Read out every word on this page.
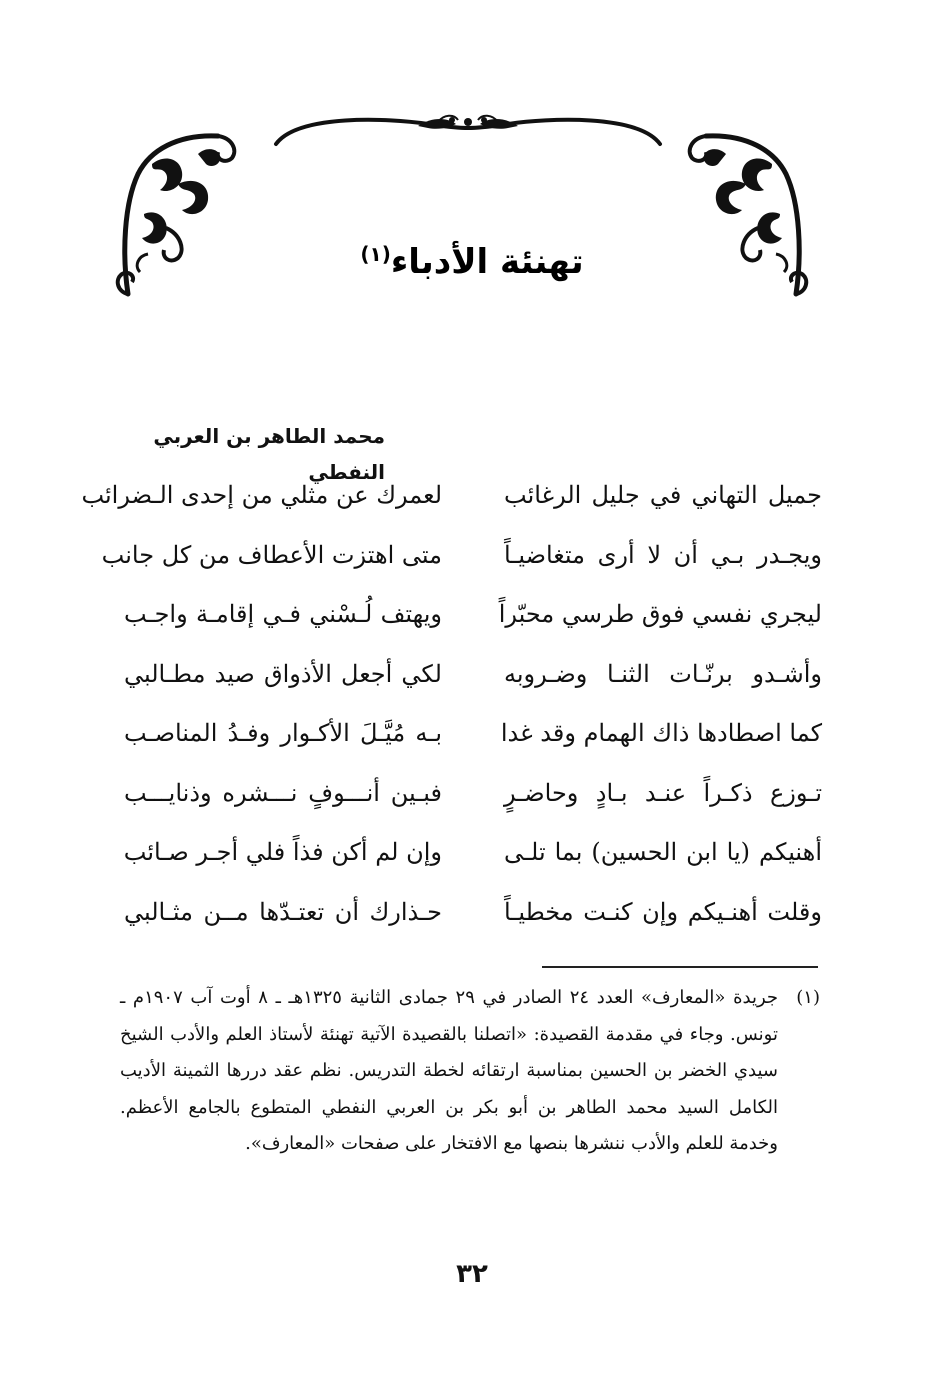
تهنئة الأدباء$^{(١)}$
محمد الطاهر بن العربي النفطي
جميل التهاني في جليل الرغائب
لعمرك عن مثلي من إحدى الـضرائب
ويجـدر بـي أن لا أرى متغاضيـاً
متى اهتزت الأعطاف من كل جانب
ليجري نفسي فوق طرسي محبّراً
ويهتف لُـسْني فـي إقامـة واجـب
وأشـدو برنّـات الثنـا وضـروبه
لكي أجعل الأذواق صيد مطـالبي
كما اصطادها ذاك الهمام وقد غدا
بـه مُيَّـلَ الأكـوار وفـدُ المناصـب
تـوزع ذكـراً عنـد بـادٍ وحاضـرٍ
فبـين أنـــوفٍ نـــشره وذنايـــب
أهنيكم (يا ابن الحسين) بما تلـى
وإن لم أكن فذاً فلي أجـر صـائب
وقلت أهنـيكم وإن كنـت مخطيـاً
حـذارك أن تعتـدّها مــن مثـالبي
(١)
جريدة «المعارف» العدد ٢٤ الصادر في ٢٩ جمادى الثانية ١٣٢٥هـ ـ ٨ أوت آب ١٩٠٧م ـ تونس. وجاء في مقدمة القصيدة: «اتصلنا بالقصيدة الآتية تهنئة لأستاذ العلم والأدب الشيخ سيدي الخضر بن الحسين بمناسبة ارتقائه لخطة التدريس. نظم عقد دررها الثمينة الأديب الكامل السيد محمد الطاهر بن أبو بكر بن العربي النفطي المتطوع بالجامع الأعظم. وخدمة للعلم والأدب ننشرها بنصها مع الافتخار على صفحات «المعارف».
٣٢
